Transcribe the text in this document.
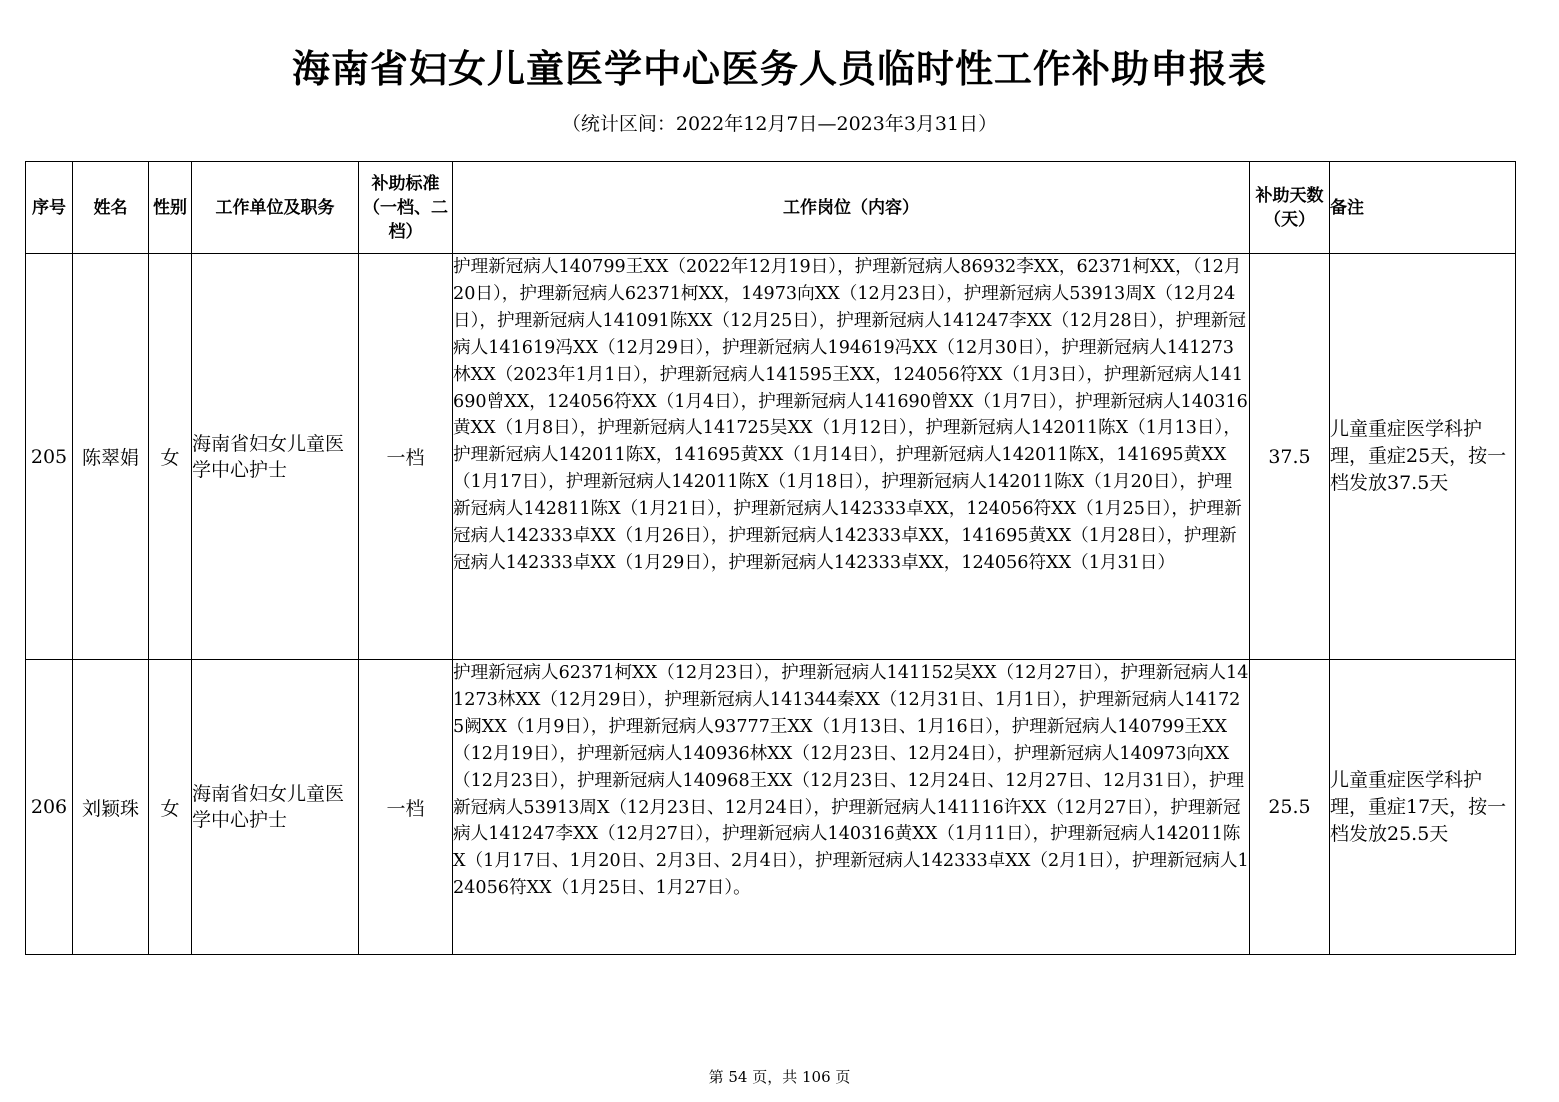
海南省妇女儿童医学中心医务人员临时性工作补助申报表
（统计区间：2022年12月7日—2023年3月31日）
序号	姓名	性别	工作单位及职务	补助标准（一档、二档）	工作岗位（内容）	补助天数（天）	备注
205	陈翠娟	女	海南省妇女儿童医学中心护士	一档	护理新冠病人140799王XX（2022年12月19日），护理新冠病人86932李XX，62371柯XX，（12月20日），护理新冠病人62371柯XX，14973向XX（12月23日），护理新冠病人53913周X（12月24日），护理新冠病人141091陈XX（12月25日），护理新冠病人141247李XX（12月28日），护理新冠病人141619冯XX（12月29日），护理新冠病人194619冯XX（12月30日），护理新冠病人141273林XX（2023年1月1日），护理新冠病人141595王XX，124056符XX（1月3日），护理新冠病人141690曾XX，124056符XX（1月4日），护理新冠病人141690曾XX（1月7日），护理新冠病人140316黄XX（1月8日），护理新冠病人141725吴XX（1月12日），护理新冠病人142011陈X（1月13日），护理新冠病人142011陈X，141695黄XX（1月14日），护理新冠病人142011陈X，141695黄XX（1月17日），护理新冠病人142011陈X（1月18日），护理新冠病人142011陈X（1月20日），护理新冠病人142811陈X（1月21日），护理新冠病人142333卓XX，124056符XX（1月25日），护理新冠病人142333卓XX（1月26日），护理新冠病人142333卓XX，141695黄XX（1月28日），护理新冠病人142333卓XX（1月29日），护理新冠病人142333卓XX，124056符XX（1月31日）	37.5	儿童重症医学科护理，重症25天，按一档发放37.5天
206	刘颖珠	女	海南省妇女儿童医学中心护士	一档	护理新冠病人62371柯XX（12月23日），护理新冠病人141152吴XX（12月27日），护理新冠病人141273林XX（12月29日），护理新冠病人141344秦XX（12月31日、1月1日），护理新冠病人141725阙XX（1月9日），护理新冠病人93777王XX（1月13日、1月16日），护理新冠病人140799王XX（12月19日），护理新冠病人140936林XX（12月23日、12月24日），护理新冠病人140973向XX（12月23日），护理新冠病人140968王XX（12月23日、12月24日、12月27日、12月31日），护理新冠病人53913周X（12月23日、12月24日），护理新冠病人141116许XX（12月27日），护理新冠病人141247李XX（12月27日），护理新冠病人140316黄XX（1月11日），护理新冠病人142011陈X（1月17日、1月20日、2月3日、2月4日），护理新冠病人142333卓XX（2月1日），护理新冠病人124056符XX（1月25日、1月27日）。	25.5	儿童重症医学科护理，重症17天，按一档发放25.5天
第 54 页，共 106 页
